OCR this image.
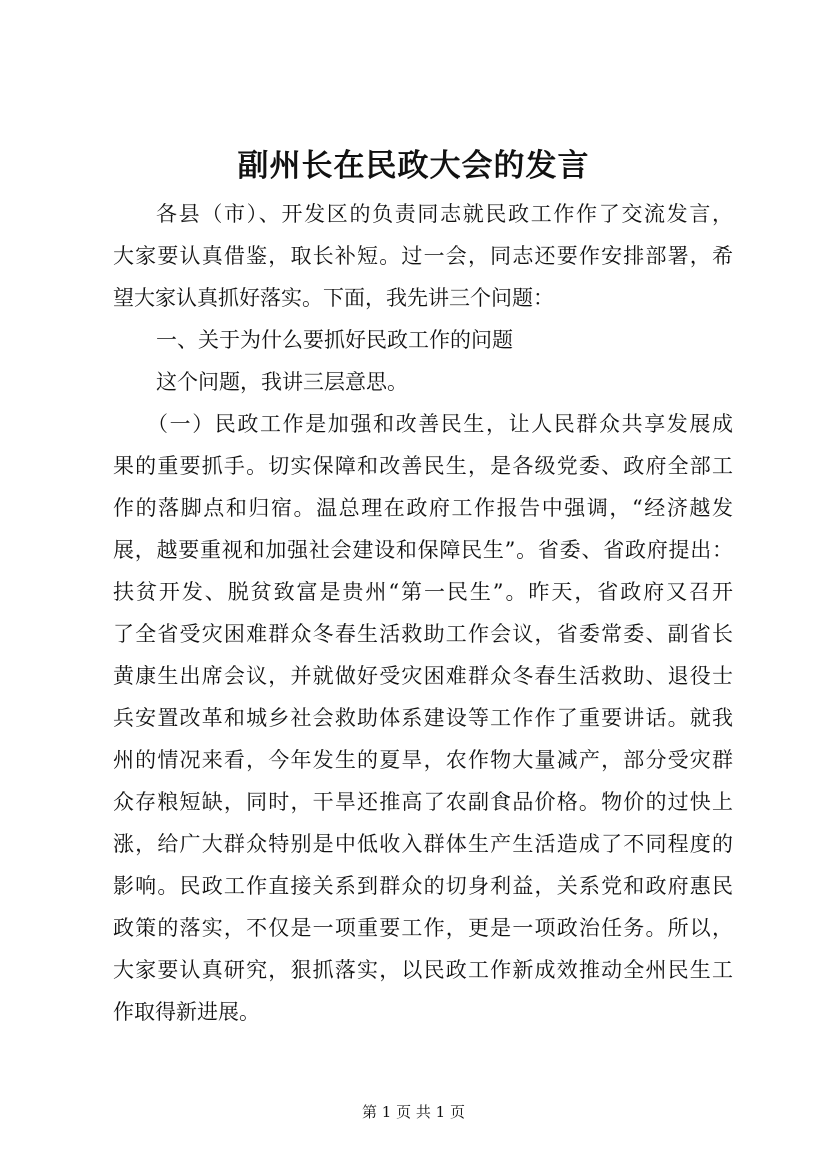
副州长在民政大会的发言
各县（市）、开发区的负责同志就民政工作作了交流发言，
大家要认真借鉴，取长补短。过一会，同志还要作安排部署，希
望大家认真抓好落实。下面，我先讲三个问题：
一、关于为什么要抓好民政工作的问题
这个问题，我讲三层意思。
（一）民政工作是加强和改善民生，让人民群众共享发展成
果的重要抓手。切实保障和改善民生，是各级党委、政府全部工
作的落脚点和归宿。温总理在政府工作报告中强调，“经济越发
展，越要重视和加强社会建设和保障民生”。省委、省政府提出：
扶贫开发、脱贫致富是贵州“第一民生”。昨天，省政府又召开
了全省受灾困难群众冬春生活救助工作会议，省委常委、副省长
黄康生出席会议，并就做好受灾困难群众冬春生活救助、退役士
兵安置改革和城乡社会救助体系建设等工作作了重要讲话。就我
州的情况来看，今年发生的夏旱，农作物大量减产，部分受灾群
众存粮短缺，同时，干旱还推高了农副食品价格。物价的过快上
涨，给广大群众特别是中低收入群体生产生活造成了不同程度的
影响。民政工作直接关系到群众的切身利益，关系党和政府惠民
政策的落实，不仅是一项重要工作，更是一项政治任务。所以，
大家要认真研究，狠抓落实，以民政工作新成效推动全州民生工
作取得新进展。
第 1 页 共 1 页
